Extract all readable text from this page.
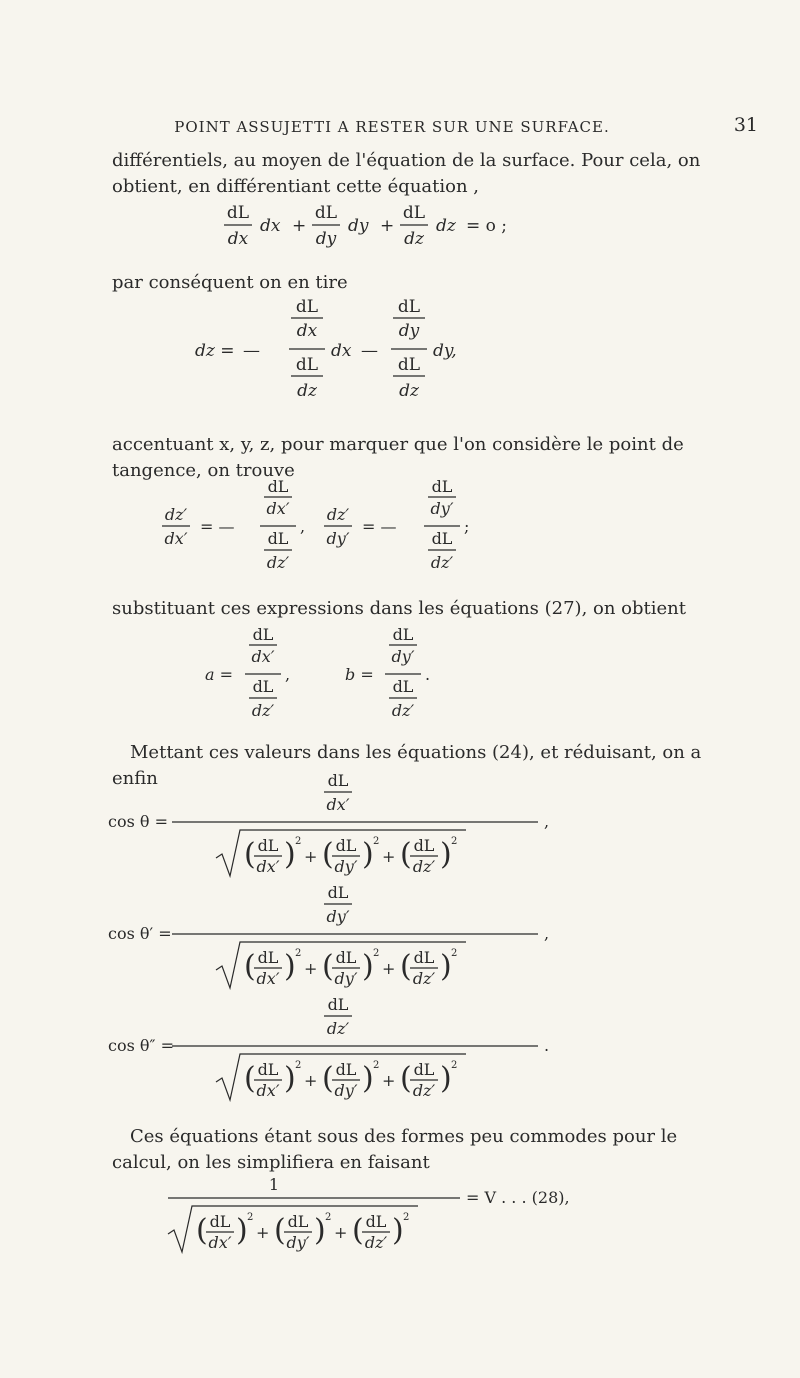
POINT ASSUJETTI A RESTER SUR UNE SURFACE.	31
différentiels, au moyen de l'équation de la surface. Pour cela, on obtient, en différentiant cette équation ,
dL
dx
dx +
dL
dy
dy +
dL
dz
dz = o ;
par conséquent on en tire
dz = —
dL
dx
dL
dz
dx —
dL
dy
dL
dz
dy,
accentuant x, y, z, pour marquer que l'on considère le point de tangence, on trouve
dz′
dx′
= —
dL
dx′
dL
dz′
,
dz′
dy′
= —
dL
dy′
dL
dz′
;
substituant ces expressions dans les équations (27), on obtient
a =
dL
dx′
dL
dz′
,	b =
dL
dy′
dL
dz′
.
Mettant ces valeurs dans les équations (24), et réduisant, on a enfin
cos θ =
dL
dx′
,
( dL
dx′ ) 2
+ ( dL
dy′ ) 2
+ ( dL
dz′ ) 2
cos θ′ =
dL
dy′
,
( dL
dx′ ) 2
+ ( dL
dy′ ) 2
+ ( dL
dz′ ) 2
cos θ″ =
dL
dz′
.
( dL
dx′ ) 2
+ ( dL
dy′ ) 2
+ ( dL
dz′ ) 2
Ces équations étant sous des formes peu commodes pour le calcul, on les simplifiera en faisant
1
= V . . . (28),
( dL
dx′ ) 2
+ ( dL
dy′ ) 2
+ ( dL
dz′ ) 2
